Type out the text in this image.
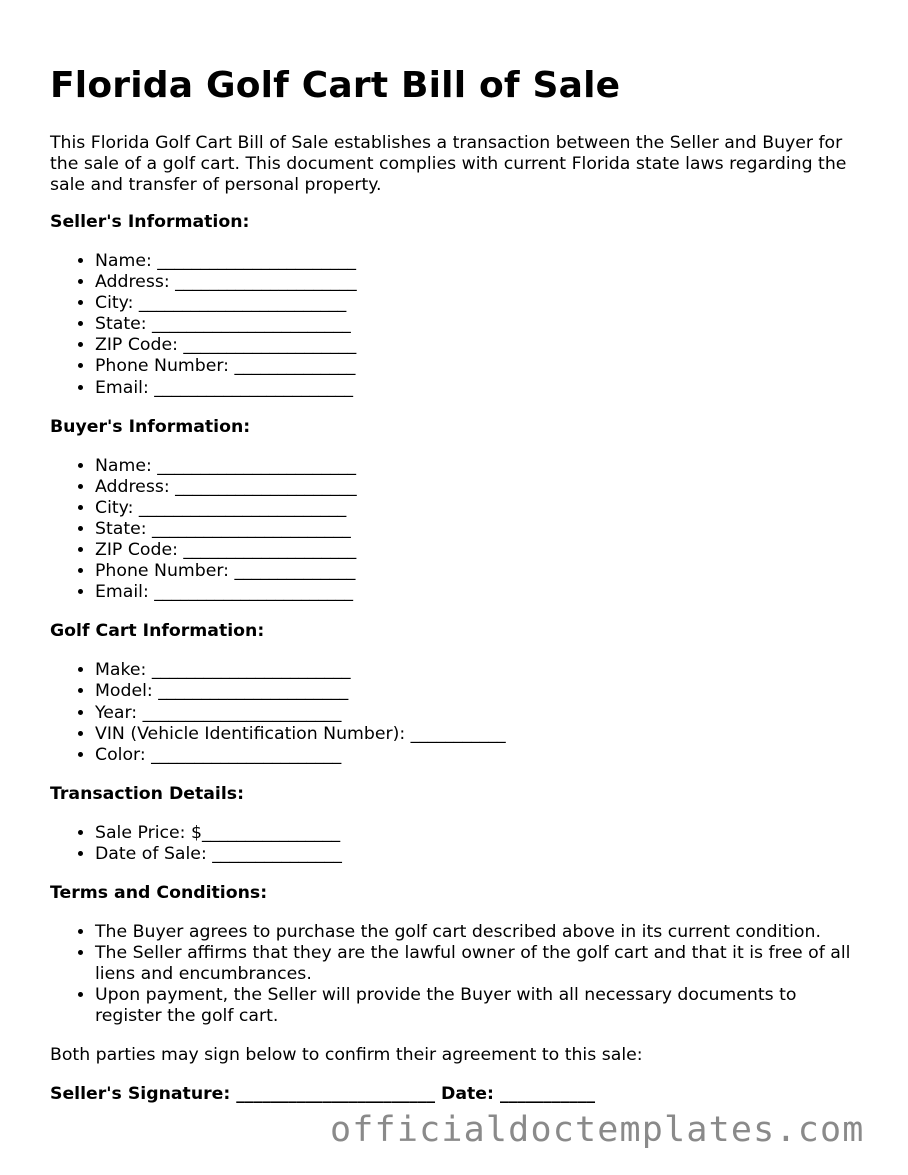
Florida Golf Cart Bill of Sale

This Florida Golf Cart Bill of Sale establishes a transaction between the Seller and Buyer for the sale of a golf cart. This document complies with current Florida state laws regarding the sale and transfer of personal property.

Seller's Information:
• Name: _______________________
• Address: _____________________
• City: ________________________
• State: _______________________
• ZIP Code: ____________________
• Phone Number: ______________
• Email: _______________________
Buyer's Information:
• Name: _______________________
• Address: _____________________
• City: ________________________
• State: _______________________
• ZIP Code: ____________________
• Phone Number: ______________
• Email: _______________________
Golf Cart Information:
• Make: _______________________
• Model: ______________________
• Year: _______________________
• VIN (Vehicle Identification Number): ___________
• Color: ______________________
Transaction Details:
• Sale Price: $________________
• Date of Sale: _______________
Terms and Conditions:
• The Buyer agrees to purchase the golf cart described above in its current condition.
• The Seller affirms that they are the lawful owner of the golf cart and that it is free of all liens and encumbrances.
• Upon payment, the Seller will provide the Buyer with all necessary documents to register the golf cart.

Both parties may sign below to confirm their agreement to this sale:

Seller's Signature: _______________________ Date: ___________

officialdoctemplates.com
